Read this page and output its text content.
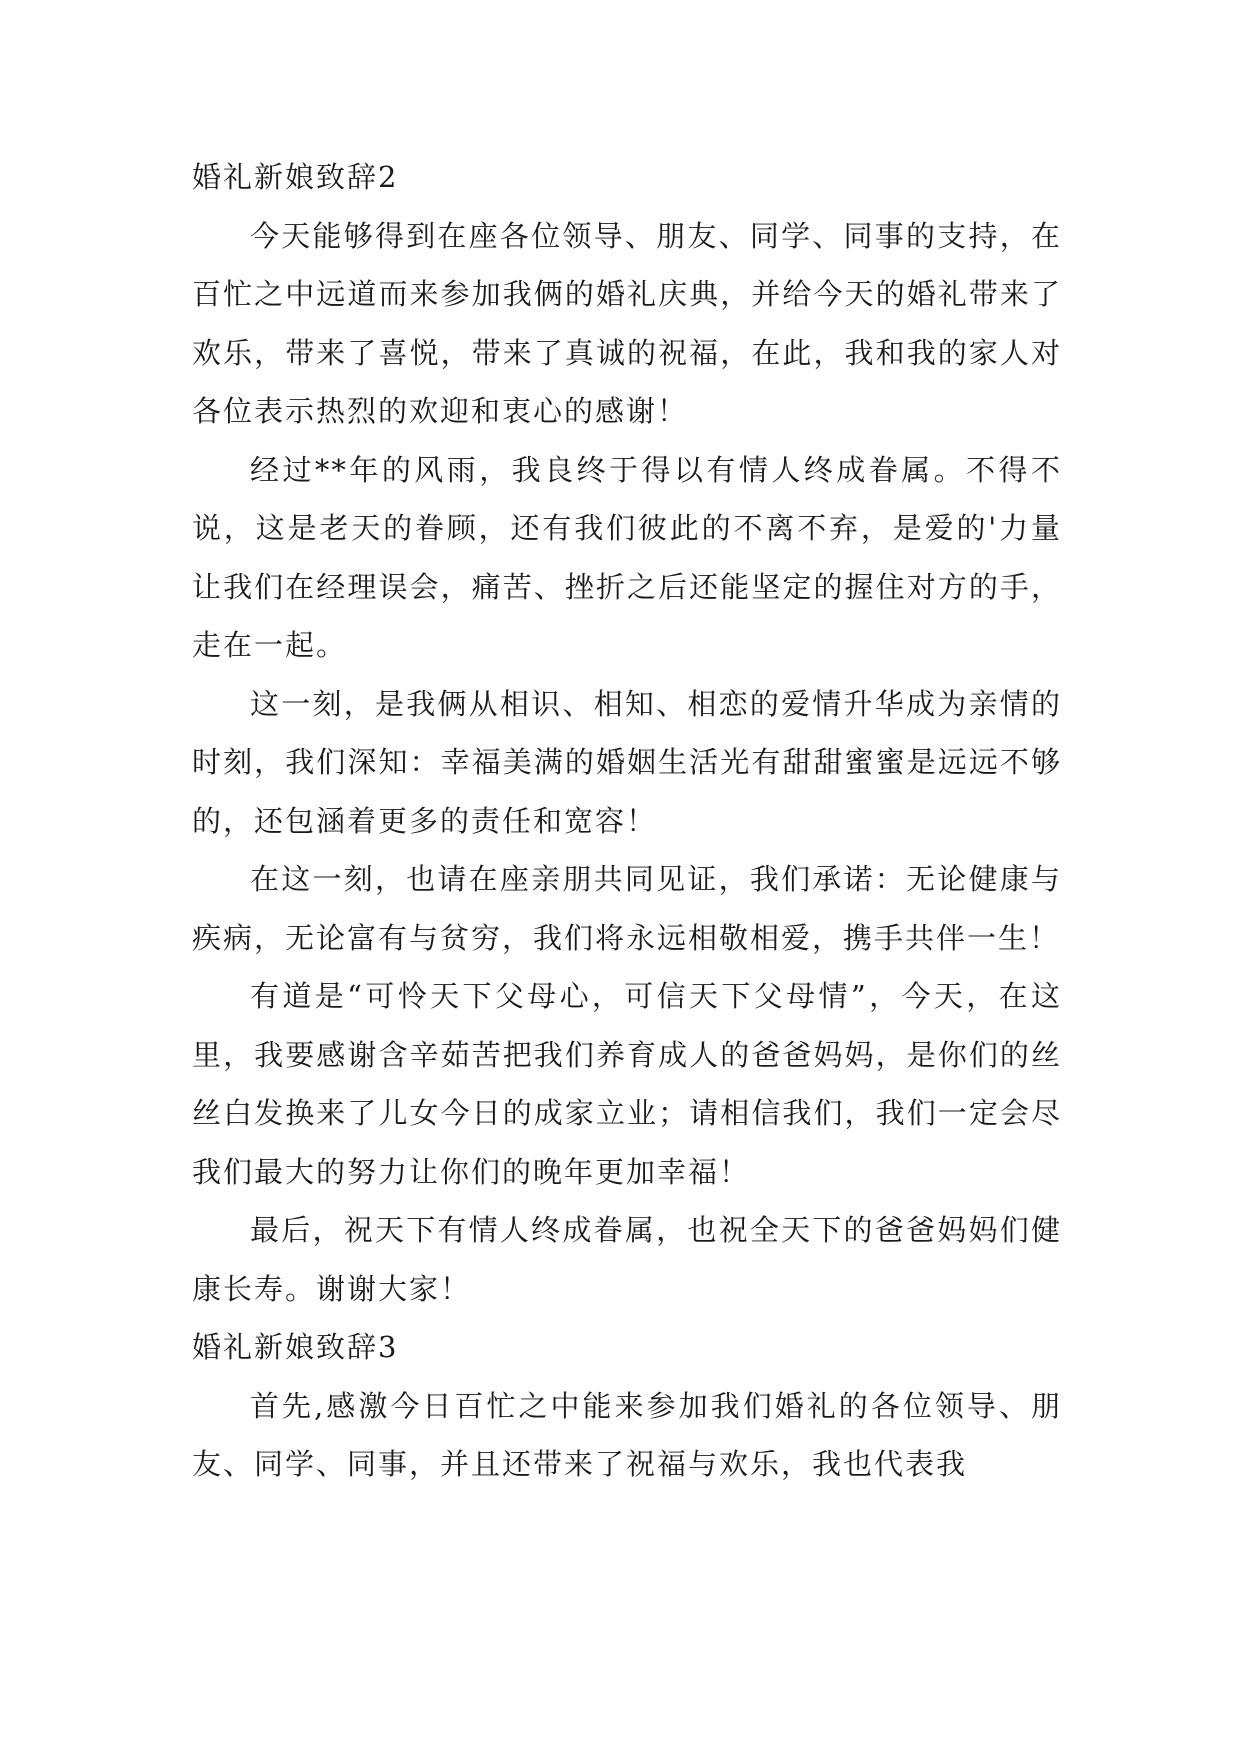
婚礼新娘致辞2

今天能够得到在座各位领导、朋友、同学、同事的支持，在百忙之中远道而来参加我俩的婚礼庆典，并给今天的婚礼带来了欢乐，带来了喜悦，带来了真诚的祝福，在此，我和我的家人对各位表示热烈的欢迎和衷心的感谢！

经过**年的风雨，我良终于得以有情人终成眷属。不得不说，这是老天的眷顾，还有我们彼此的不离不弃，是爱的'力量让我们在经理误会，痛苦、挫折之后还能坚定的握住对方的手，走在一起。

这一刻，是我俩从相识、相知、相恋的爱情升华成为亲情的时刻，我们深知：幸福美满的婚姻生活光有甜甜蜜蜜是远远不够的，还包涵着更多的责任和宽容！

在这一刻，也请在座亲朋共同见证，我们承诺：无论健康与疾病，无论富有与贫穷，我们将永远相敬相爱，携手共伴一生！

有道是“可怜天下父母心，可信天下父母情”，今天，在这里，我要感谢含辛茹苦把我们养育成人的爸爸妈妈，是你们的丝丝白发换来了儿女今日的成家立业；请相信我们，我们一定会尽我们最大的努力让你们的晚年更加幸福！

最后，祝天下有情人终成眷属，也祝全天下的爸爸妈妈们健康长寿。谢谢大家！

婚礼新娘致辞3

首先,感激今日百忙之中能来参加我们婚礼的各位领导、朋友、同学、同事，并且还带来了祝福与欢乐，我也代表我
